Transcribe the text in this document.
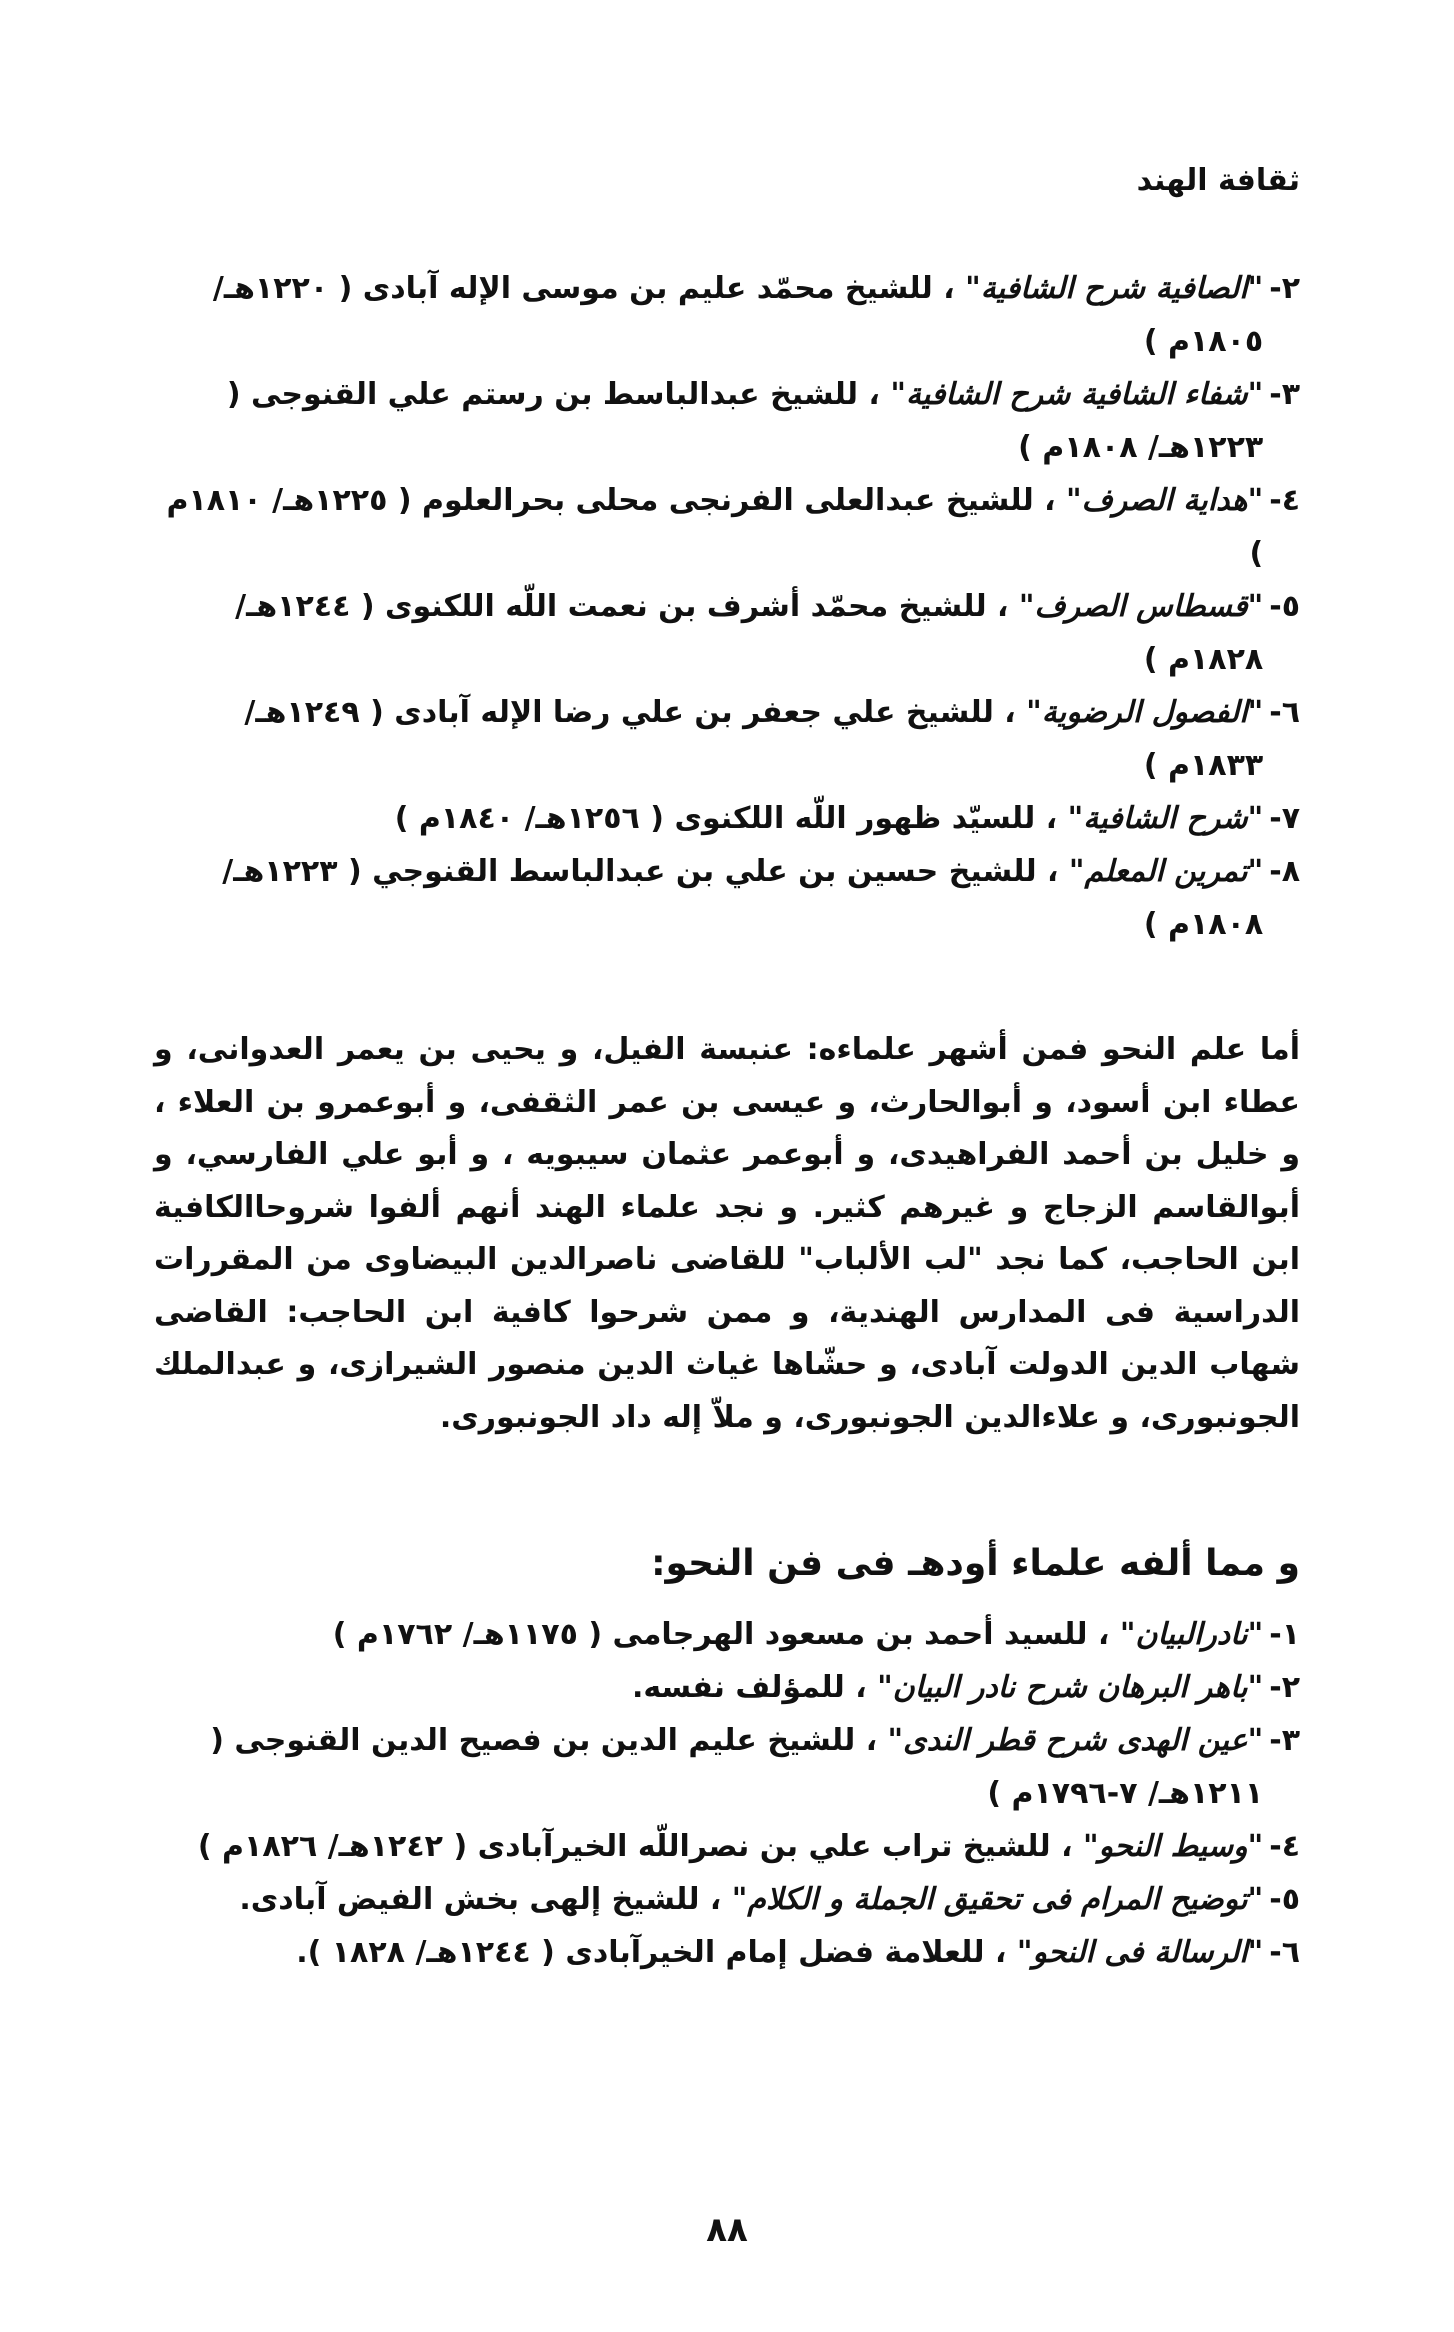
ثقافة الهند
٢-
"الصافية شرح الشافية" ، للشيخ محمّد عليم بن موسى الإله آبادى ( ١٢٢٠هـ/ ١٨٠٥م )
٣-
"شفاء الشافية شرح الشافية" ، للشيخ عبدالباسط بن رستم علي القنوجى ( ١٢٢٣هـ/ ١٨٠٨م )
٤-
"هداية الصرف" ، للشيخ عبدالعلى الفرنجى محلى بحرالعلوم ( ١٢٢٥هـ/ ١٨١٠م )
٥-
"قسطاس الصرف" ، للشيخ محمّد أشرف بن نعمت اللّه اللكنوى ( ١٢٤٤هـ/ ١٨٢٨م )
٦-
"الفصول الرضوية" ، للشيخ علي جعفر بن علي رضا الإله آبادى ( ١٢٤٩هـ/ ١٨٣٣م )
٧-
"شرح الشافية" ، للسيّد ظهور اللّه اللكنوى ( ١٢٥٦هـ/ ١٨٤٠م )
٨-
"تمرين المعلم" ، للشيخ حسين بن علي بن عبدالباسط القنوجي ( ١٢٢٣هـ/ ١٨٠٨م )
أما علم النحو فمن أشهر علماءه: عنبسة الفيل، و يحيى بن يعمر العدوانى، و عطاء ابن أسود، و أبوالحارث، و عيسى بن عمر الثقفى، و أبوعمرو بن العلاء ، و خليل بن أحمد الفراهيدى، و أبوعمر عثمان سيبويه ، و أبو علي الفارسي، و أبوالقاسم الزجاج و غيرهم كثير. و نجد علماء الهند أنهم ألفوا شروحاالكافية ابن الحاجب، كما نجد "لب الألباب" للقاضى ناصرالدين البيضاوى من المقررات الدراسية فى المدارس الهندية، و ممن شرحوا كافية ابن الحاجب: القاضى شهاب الدين الدولت آبادى، و حشّاها غياث الدين منصور الشيرازى، و عبدالملك الجونبورى، و علاءالدين الجونبورى، و ملاّ إله داد الجونبورى.
و مما ألفه علماء أودهـ فى فن النحو:
١-
"نادرالبيان" ، للسيد أحمد بن مسعود الهرجامى ( ١١٧٥هـ/ ١٧٦٢م )
٢-
"باهر البرهان شرح نادر البيان" ، للمؤلف نفسه.
٣-
"عين الهدى شرح قطر الندى" ، للشيخ عليم الدين بن فصيح الدين القنوجى ( ١٢١١هـ/ ٧-١٧٩٦م )
٤-
"وسيط النحو" ، للشيخ تراب علي بن نصراللّه الخيرآبادى ( ١٢٤٢هـ/ ١٨٢٦م )
٥-
"توضيح المرام فى تحقيق الجملة و الكلام" ، للشيخ إلهى بخش الفيض آبادى.
٦-
"الرسالة فى النحو" ، للعلامة فضل إمام الخيرآبادى ( ١٢٤٤هـ/ ١٨٢٨ ).
٨٨
